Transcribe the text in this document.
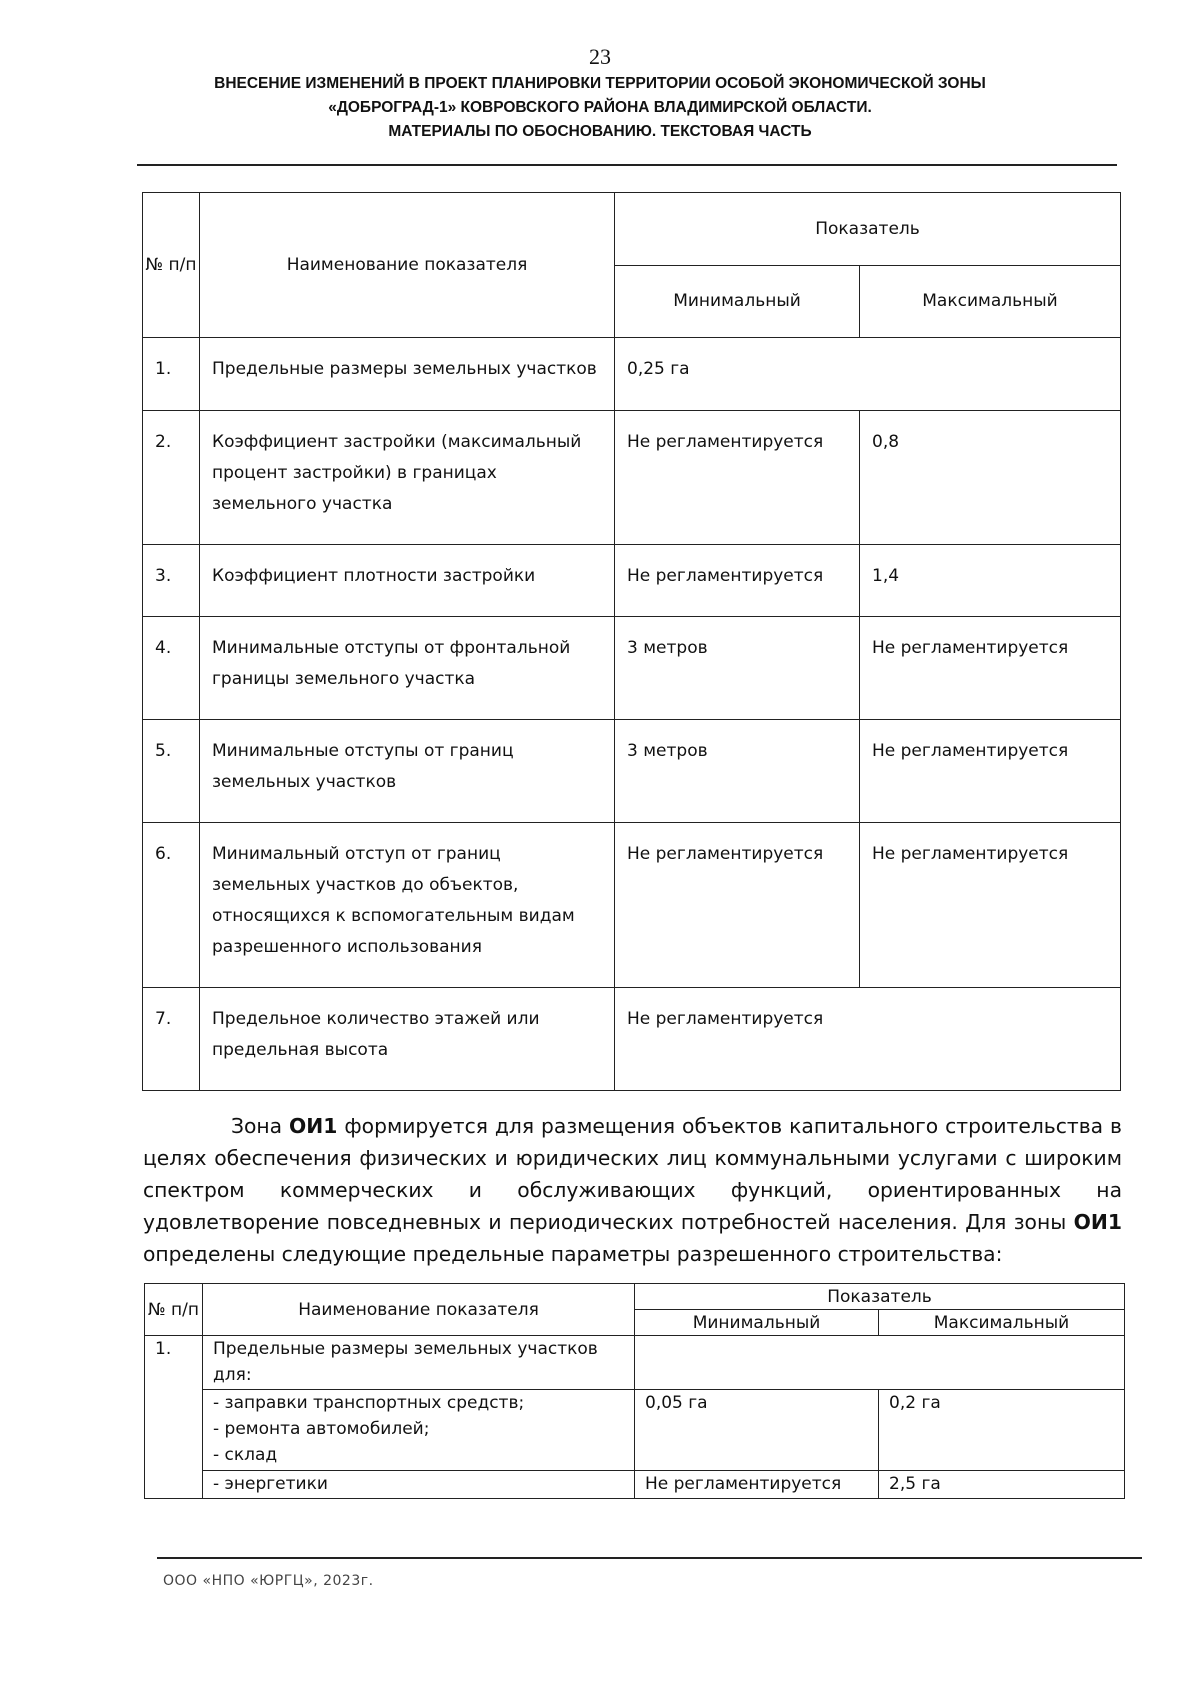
23
ВНЕСЕНИЕ ИЗМЕНЕНИЙ В ПРОЕКТ ПЛАНИРОВКИ ТЕРРИТОРИИ ОСОБОЙ ЭКОНОМИЧЕСКОЙ ЗОНЫ
«ДОБРОГРАД-1» КОВРОВСКОГО РАЙОНА ВЛАДИМИРСКОЙ ОБЛАСТИ.
МАТЕРИАЛЫ ПО ОБОСНОВАНИЮ. ТЕКСТОВАЯ ЧАСТЬ
№ п/п	Наименование показателя	Показатель	
		Минимальный	Максимальный
1.	Предельные размеры земельных участков	0,25 га	
2.	Коэффициент застройки (максимальный процент застройки) в границах земельного участка	Не регламентируется	0,8
3.	Коэффициент плотности застройки	Не регламентируется	1,4
4.	Минимальные отступы от фронтальной границы земельного участка	3 метров	Не регламентируется
5.	Минимальные отступы от границ земельных участков	3 метров	Не регламентируется
6.	Минимальный отступ от границ земельных участков до объектов, относящихся к вспомогательным видам разрешенного использования	Не регламентируется	Не регламентируется
7.	Предельное количество этажей или предельная высота	Не регламентируется	

Зона ОИ1 формируется для размещения объектов капитального строительства в целях обеспечения физических и юридических лиц коммунальными услугами с широким спектром коммерческих и обслуживающих функций, ориентированных на удовлетворение повседневных и периодических потребностей населения. Для зоны ОИ1 определены следующие предельные параметры разрешенного строительства:

№ п/п	Наименование показателя	Показатель	
		Минимальный	Максимальный
1.	Предельные размеры земельных участков для:		

	- заправки транспортных средств;
- ремонта автомобилей;
- склад	0,05 га	0,2 га
	- энергетики	Не регламентируется	2,5 га
ООО «НПО «ЮРГЦ», 2023г.
